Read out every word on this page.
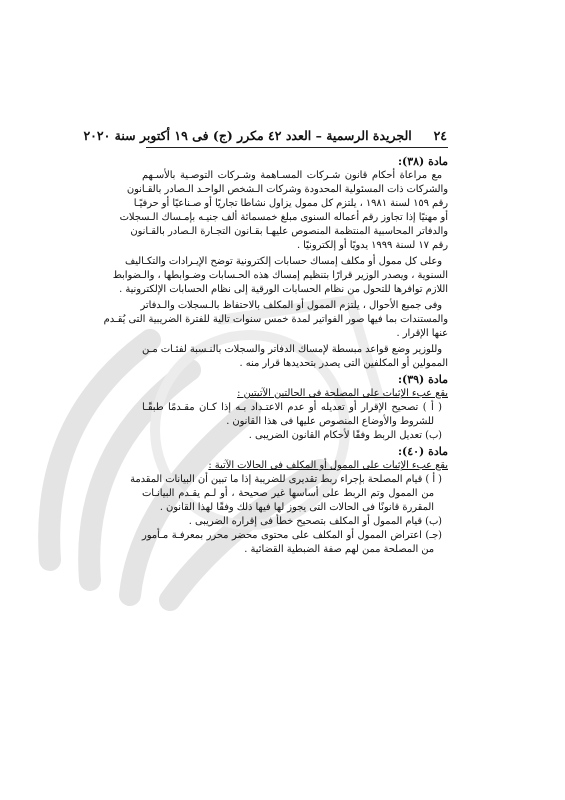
٢٤     الجريدة الرسمية – العدد ٤٢ مكرر (ج) فى ١٩ أكتوبر سنة ٢٠٢٠
مادة (٣٨):
مع مراعاة أحكام قانون شـركات المسـاهمة وشـركات التوصـية بالأسـهم
والشركات ذات المسئولية المحدودة وشركات الـشخص الواحـد الـصادر بالقـانون
رقم ١٥٩ لسنة ١٩٨١ ، يلتزم كل ممول يزاول نشاطا تجاريًا أو صـناعيًا أو حرفيًـا
أو مهنيًا إذا تجاوز رقم أعماله السنوى مبلغ خمسمائة ألف جنيـه بإمـساك الـسجلات
والدفاتر المحاسبية المنتظمة المنصوص عليهـا بقـانون التجـارة الـصادر بالقـانون
رقم ١٧ لسنة ١٩٩٩ يدويًا أو إلكترونيًا .
وعلى كل ممول أو مكلف إمساك حسابات إلكترونية توضح الإيـرادات والتكـاليف
السنوية ، ويصدر الوزير قرارًا بتنظيم إمساك هذه الحـسابات وضـوابطها ، والـضوابط
اللازم توافرها للتحول من نظام الحسابات الورقية إلى نظام الحسابات الإلكترونية .
وفى جميع الأحوال ، يلتزم الممول أو المكلف بالاحتفاظ بالـسجلات والـدفاتر
والمستندات بما فيها صور الفواتير لمدة خمس سنوات تالية للفترة الضريبية التى يُقـدم
عنها الإقرار .
وللوزير وضع قواعد مبسطة لإمساك الدفاتر والسجلات بالنـسبة لفئـات مـن
الممولين أو المكلفين التى يصدر بتحديدها قرار منه .
مادة (٣٩):
يقع عبء الإثبات على المصلحة فى الحالتين الآتيتين :
( أ ) تصحيح الإقرار أو تعديله أو عدم الاعتـداد بـه إذا كـان مقـدمًا طبقًـا
للشروط والأوضاع المنصوص عليها فى هذا القانون .
(ب) تعديل الربط وفقًا لأحكام القانون الضريبى .
مادة (٤٠):
يقع عبء الإثبات على الممول أو المكلف فى الحالات الآتية :
( أ ) قيام المصلحة بإجراء ربط تقديرى للضريبة إذا ما تبين أن البيانات المقدمة
من الممول وتم الربط على أساسها غير صحيحة ، أو لـم يقـدم البيانـات
المقررة قانونًا فى الحالات التى يجوز لها فيها ذلك وفقًا لهذا القانون .
(ب) قيام الممول أو المكلف بتصحيح خطأ فى إقراره الضريبى .
(جـ) اعتراض الممول أو المكلف على محتوى محضر محرر بمعرفـة مـأمور
من المصلحة ممن لهم صفة الضبطية القضائية .
